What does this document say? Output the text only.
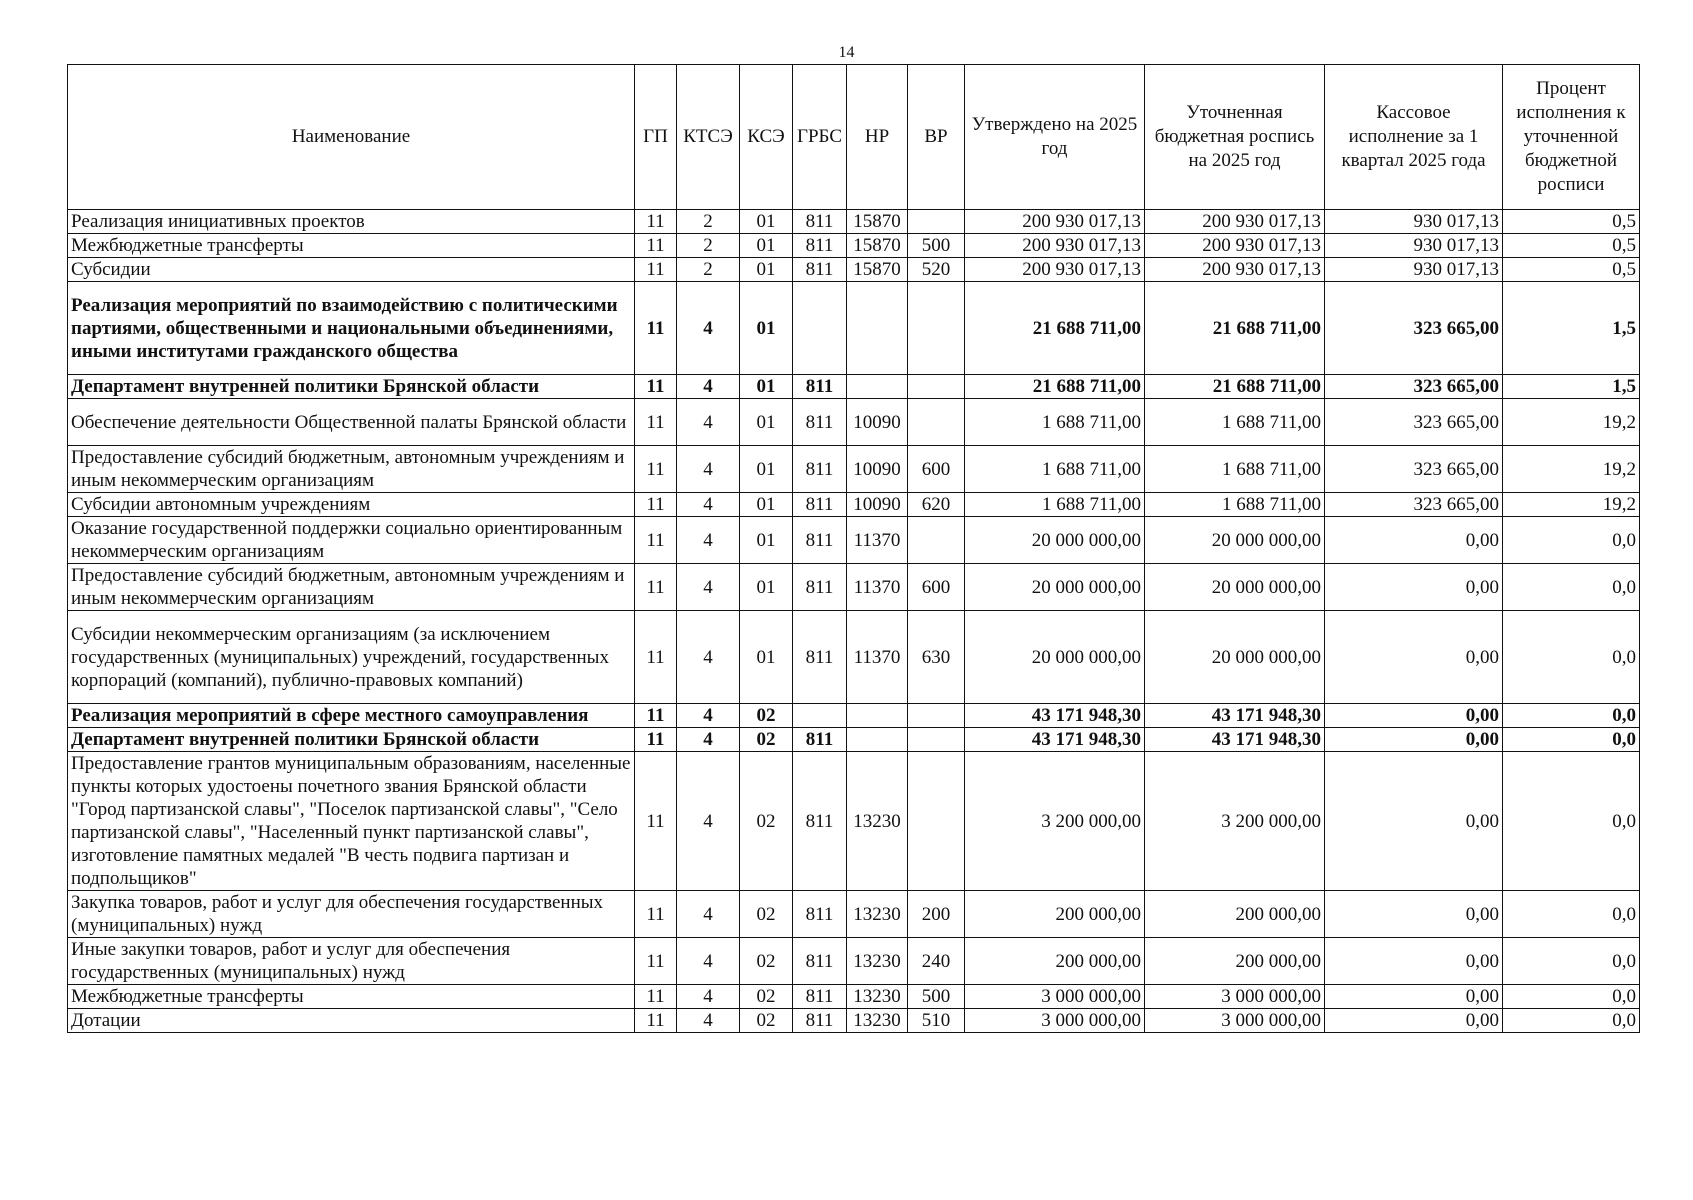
14
Наименование	ГП	КТСЭ	КСЭ	ГРБС	НР	ВР	Утверждено на 2025 год	Уточненная бюджетная роспись на 2025 год	Кассовое исполнение за 1 квартал 2025 года	Процент исполнения к уточненной бюджетной росписи
Реализация инициативных проектов	11	2	01	811	15870		200 930 017,13	200 930 017,13	930 017,13	0,5
Межбюджетные трансферты	11	2	01	811	15870	500	200 930 017,13	200 930 017,13	930 017,13	0,5
Субсидии	11	2	01	811	15870	520	200 930 017,13	200 930 017,13	930 017,13	0,5
Реализация мероприятий по взаимодействию с политическими партиями, общественными и национальными объединениями, иными институтами гражданского общества	11	4	01				21 688 711,00	21 688 711,00	323 665,00	1,5
Департамент внутренней политики Брянской области	11	4	01	811			21 688 711,00	21 688 711,00	323 665,00	1,5
Обеспечение деятельности Общественной палаты Брянской области	11	4	01	811	10090		1 688 711,00	1 688 711,00	323 665,00	19,2
Предоставление субсидий бюджетным, автономным учреждениям и иным некоммерческим организациям	11	4	01	811	10090	600	1 688 711,00	1 688 711,00	323 665,00	19,2
Субсидии автономным учреждениям	11	4	01	811	10090	620	1 688 711,00	1 688 711,00	323 665,00	19,2
Оказание государственной поддержки социально ориентированным некоммерческим организациям	11	4	01	811	11370		20 000 000,00	20 000 000,00	0,00	0,0
Предоставление субсидий бюджетным, автономным учреждениям и иным некоммерческим организациям	11	4	01	811	11370	600	20 000 000,00	20 000 000,00	0,00	0,0
Субсидии некоммерческим организациям (за исключением государственных (муниципальных) учреждений, государственных корпораций (компаний), публично-правовых компаний)	11	4	01	811	11370	630	20 000 000,00	20 000 000,00	0,00	0,0
Реализация мероприятий в сфере местного самоуправления	11	4	02				43 171 948,30	43 171 948,30	0,00	0,0
Департамент внутренней политики Брянской области	11	4	02	811			43 171 948,30	43 171 948,30	0,00	0,0
Предоставление грантов муниципальным образованиям, населенные пункты которых удостоены почетного звания Брянской области "Город партизанской славы", "Поселок партизанской славы", "Село партизанской славы", "Населенный пункт партизанской славы", изготовление памятных медалей "В честь подвига партизан и подпольщиков"	11	4	02	811	13230		3 200 000,00	3 200 000,00	0,00	0,0
Закупка товаров, работ и услуг для обеспечения государственных (муниципальных) нужд	11	4	02	811	13230	200	200 000,00	200 000,00	0,00	0,0
Иные закупки товаров, работ и услуг для обеспечения государственных (муниципальных) нужд	11	4	02	811	13230	240	200 000,00	200 000,00	0,00	0,0
Межбюджетные трансферты	11	4	02	811	13230	500	3 000 000,00	3 000 000,00	0,00	0,0
Дотации	11	4	02	811	13230	510	3 000 000,00	3 000 000,00	0,00	0,0
